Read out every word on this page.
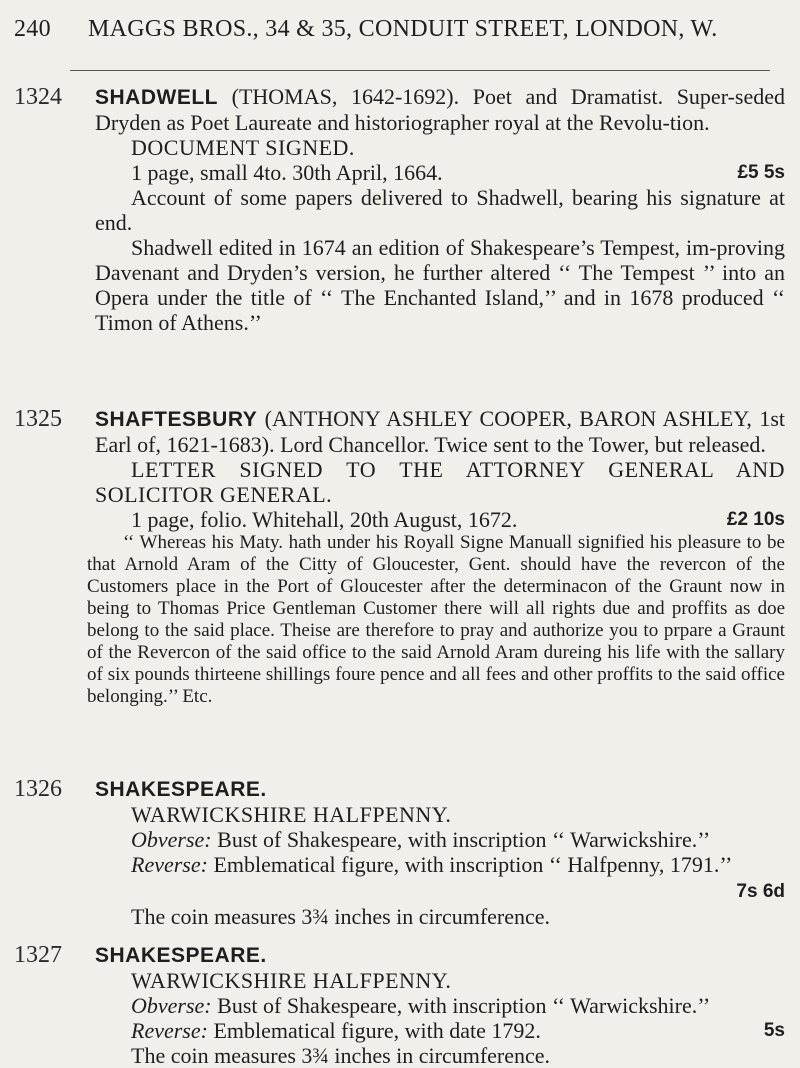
240 MAGGS BROS., 34 & 35, CONDUIT STREET, LONDON, W.
1324 SHADWELL (THOMAS, 1642-1692). Poet and Dramatist. Super-seded Dryden as Poet Laureate and historiographer royal at the Revolu-tion.

DOCUMENT SIGNED.

1 page, small 4to. 30th April, 1664.	£5 5s

Account of some papers delivered to Shadwell, bearing his signature at end.

Shadwell edited in 1674 an edition of Shakespeare’s Tempest, im-proving Davenant and Dryden’s version, he further altered ‘‘ The Tempest ’’ into an Opera under the title of ‘‘ The Enchanted Island,’’ and in 1678 produced ‘‘ Timon of Athens.’’

1325 SHAFTESBURY (ANTHONY ASHLEY COOPER, BARON ASHLEY, 1st Earl of, 1621-1683). Lord Chancellor. Twice sent to the Tower, but released.

LETTER SIGNED TO THE ATTORNEY GENERAL AND SOLICITOR GENERAL.

1 page, folio. Whitehall, 20th August, 1672.	£2 10s

‘‘ Whereas his Maty. hath under his Royall Signe Manuall signified his pleasure to be that Arnold Aram of the Citty of Gloucester, Gent. should have the revercon of the Customers place in the Port of Gloucester after the determinacon of the Graunt now in being to Thomas Price Gentleman Customer there will all rights due and proffits as doe belong to the said place. Theise are therefore to pray and authorize you to prpare a Graunt of the Revercon of the said office to the said Arnold Aram dureing his life with the sallary of six pounds thirteene shillings foure pence and all fees and other proffits to the said office belonging.’’ Etc.

1326 SHAKESPEARE.

WARWICKSHIRE HALFPENNY.

Obverse: Bust of Shakespeare, with inscription ‘‘ Warwickshire.’’

Reverse: Emblematical figure, with inscription ‘‘ Halfpenny, 1791.’’

7s 6d

The coin measures 3¾ inches in circumference.

1327 SHAKESPEARE.

WARWICKSHIRE HALFPENNY.

Obverse: Bust of Shakespeare, with inscription ‘‘ Warwickshire.’’

Reverse: Emblematical figure, with date 1792.	5s

The coin measures 3¾ inches in circumference.
